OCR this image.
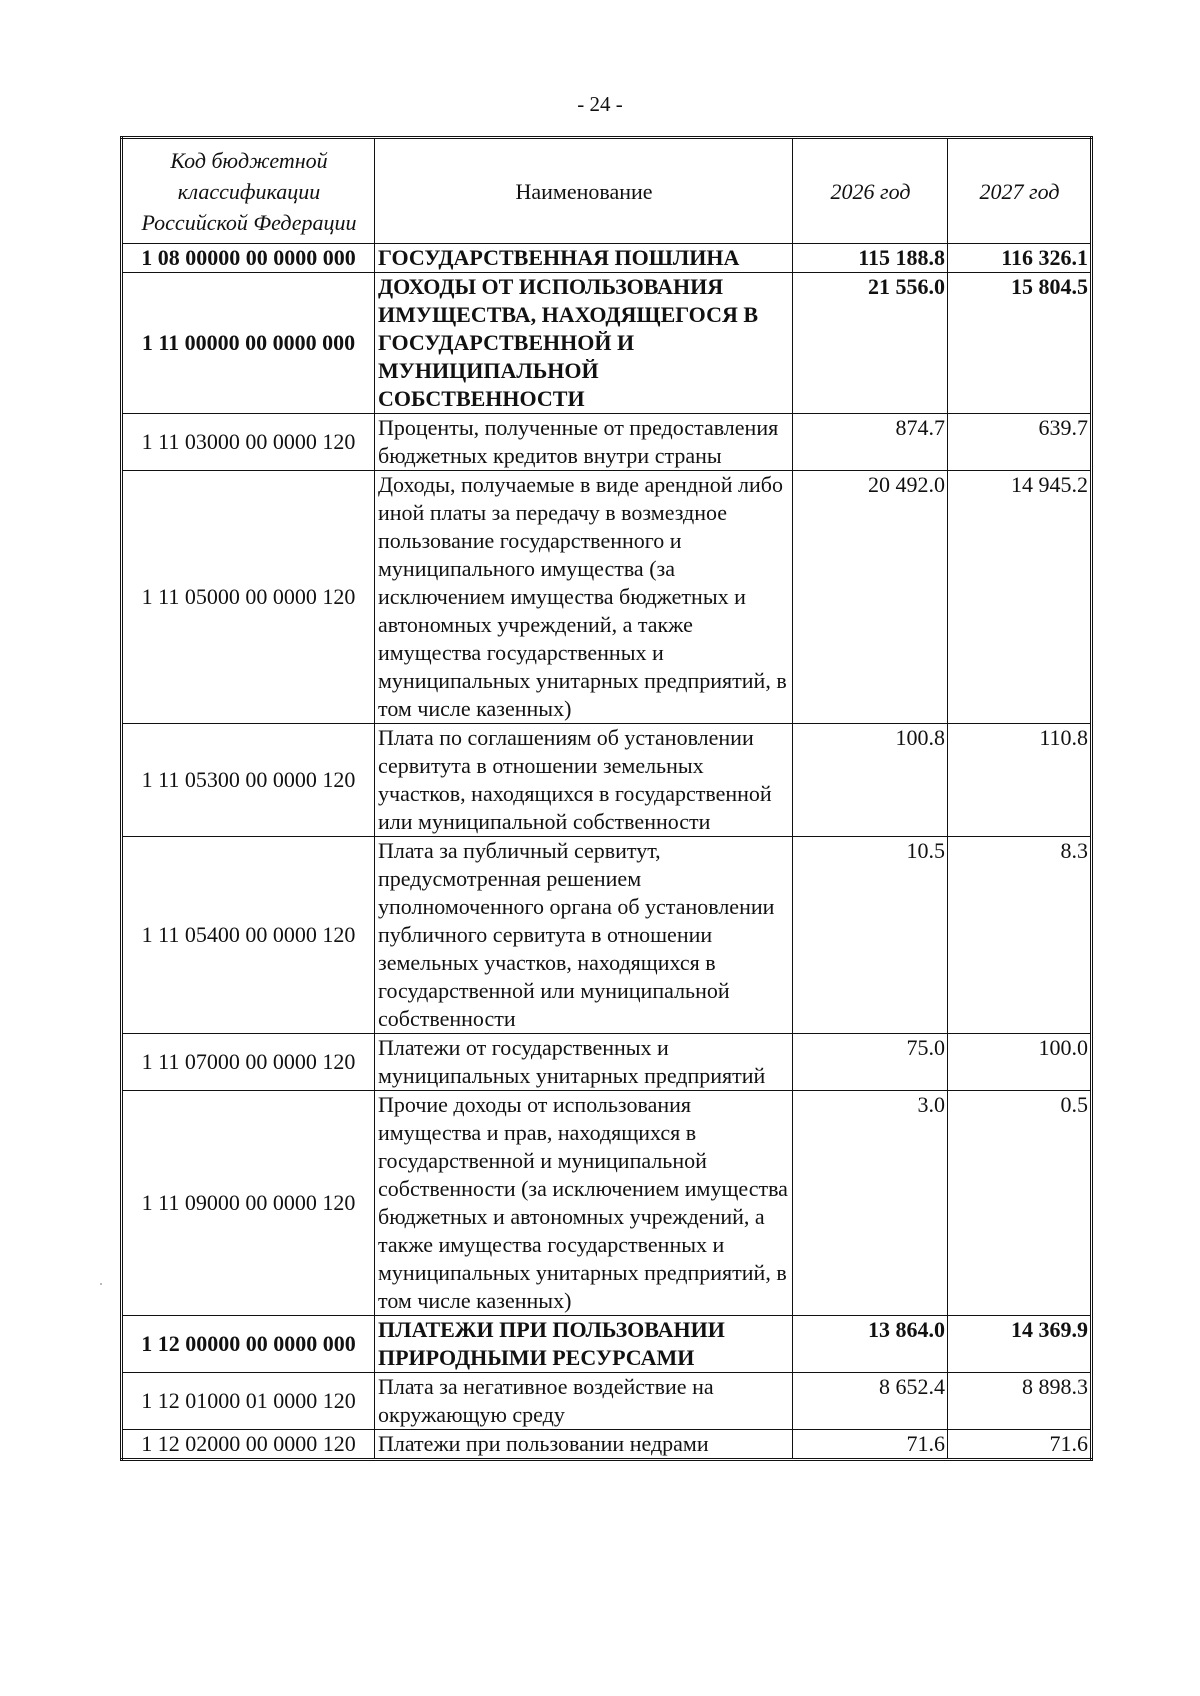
- 24 -
Код бюджетной классификации Российской Федерации	Наименование	2026 год	2027 год
1 08 00000 00 0000 000	ГОСУДАРСТВЕННАЯ ПОШЛИНА	115 188.8	116 326.1
1 11 00000 00 0000 000	ДОХОДЫ ОТ ИСПОЛЬЗОВАНИЯ ИМУЩЕСТВА, НАХОДЯЩЕГОСЯ В ГОСУДАРСТВЕННОЙ И МУНИЦИПАЛЬНОЙ СОБСТВЕННОСТИ	21 556.0	15 804.5
1 11 03000 00 0000 120	Проценты, полученные от предоставления бюджетных кредитов внутри страны	874.7	639.7
1 11 05000 00 0000 120	Доходы, получаемые в виде арендной либо иной платы за передачу в возмездное пользование государственного и муниципального имущества (за исключением имущества бюджетных и автономных учреждений, а также имущества государственных и муниципальных унитарных предприятий, в том числе казенных)	20 492.0	14 945.2
1 11 05300 00 0000 120	Плата по соглашениям об установлении сервитута в отношении земельных участков, находящихся в государственной или муниципальной собственности	100.8	110.8
1 11 05400 00 0000 120	Плата за публичный сервитут, предусмотренная решением уполномоченного органа об установлении публичного сервитута в отношении земельных участков, находящихся в государственной или муниципальной собственности	10.5	8.3
1 11 07000 00 0000 120	Платежи от государственных и муниципальных унитарных предприятий	75.0	100.0
1 11 09000 00 0000 120	Прочие доходы от использования имущества и прав, находящихся в государственной и муниципальной собственности (за исключением имущества бюджетных и автономных учреждений, а также имущества государственных и муниципальных унитарных предприятий, в том числе казенных)	3.0	0.5
1 12 00000 00 0000 000	ПЛАТЕЖИ ПРИ ПОЛЬЗОВАНИИ ПРИРОДНЫМИ РЕСУРСАМИ	13 864.0	14 369.9
1 12 01000 01 0000 120	Плата за негативное воздействие на окружающую среду	8 652.4	8 898.3
1 12 02000 00 0000 120	Платежи при пользовании недрами	71.6	71.6
